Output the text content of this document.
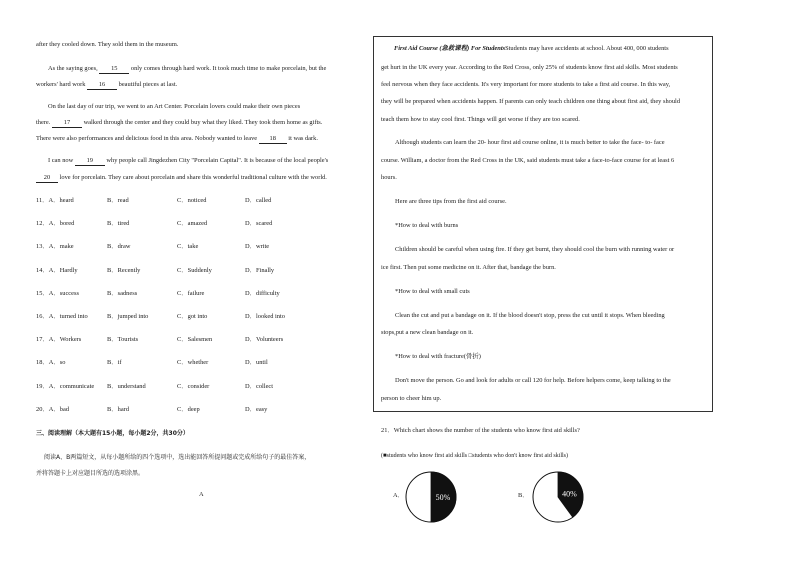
after they cooled down. They sold them in the museum.
As the saying goes, 15 only comes through hard work. It took much time to make porcelain, but the
workers' hard work 16 beautiful pieces at last.
On the last day of our trip, we went to an Art Center. Porcelain lovers could make their own pieces
there. 17 walked through the center and they could buy what they liked. They took them home as gifts.
There were also performances and delicious food in this area. Nobody wanted to leave 18 it was dark.
I can now 19 why people call Jingdezhen City "Porcelain Capital". It is because of the local people's
20 love for porcelain. They care about porcelain and share this wonderful traditional culture with the world.
11．A．heard	B．read	C．noticed	D．called
12．A．bored	B．tired	C．amazed	D．scared
13．A．make	B．draw	C．take	D．write
14．A．Hardly	B．Recently	C．Suddenly	D．Finally
15．A．success	B．sadness	C．failure	D．difficulty
16．A．turned into	B．jumped into	C．got into	D．looked into
17．A．Workers	B．Tourists	C．Salesmen	D．Volunteers
18．A．so	B．if	C．whether	D．until
19．A．communicate B．understand	C．consider	D．collect
20．A．bad	B．hard	C．deep	D．easy
三、阅读理解（本大题有15小题，每小题2分，共30分）
阅读A、B两篇短文，从每小题所给的四个选项中，选出能回答所提问题或完成所给句子的最佳答案，
并将答题卡上对应题目所选的选项涂黑。
A
First Aid Course (急救课程) For StudentsStudents may have accidents at school. About 400, 000 students
get hurt in the UK every year. According to the Red Cross, only 25% of students know first aid skills. Most students
feel nervous when they face accidents. It's very important for more students to take a first aid course. In this way,
they will be prepared when accidents happen. If parents can only teach children one thing about first aid, they should
teach them how to stay cool first. Things will get worse if they are too scared.
Although students can learn the 20- hour first aid course online, it is much better to take the face- to- face
course. William, a doctor from the Red Cross in the UK, said students must take a face-to-face course for at least 6
hours.
Here are three tips from the first aid course.
*How to deal with burns
Children should be careful when using fire. If they get burnt, they should cool the burn with running water or
ice first. Then put some medicine on it. After that, bandage the burn.
*How to deal with small cuts
Clean the cut and put a bandage on it. If the blood doesn't stop, press the cut until it stops. When bleeding
stops,put a new clean bandage on it.
*How to deal with fracture(骨折)
Don't move the person. Go and look for adults or call 120 for help. Before helpers come, keep talking to the
person to cheer him up.
21．Which chart shows the number of the students who know first aid skills?
(■students who know first aid skills □students who don't know first aid skills)
A．	B．
50%	40%
